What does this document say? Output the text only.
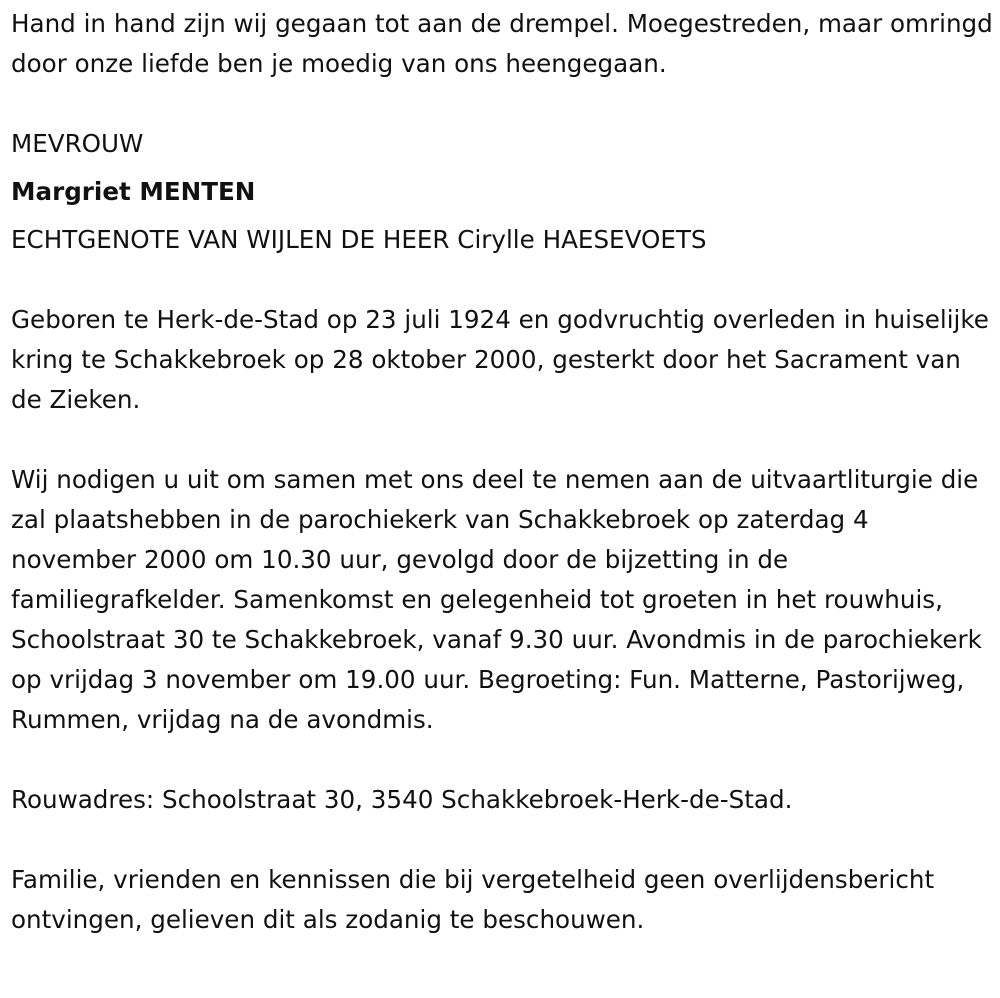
Hand in hand zijn wij gegaan tot aan de drempel. Moegestreden, maar omringd door onze liefde ben je moedig van ons heengegaan.

MEVROUW

Margriet MENTEN

ECHTGENOTE VAN WIJLEN DE HEER Cirylle HAESEVOETS

Geboren te Herk-de-Stad op 23 juli 1924 en godvruchtig overleden in huiselijke kring te Schakkebroek op 28 oktober 2000, gesterkt door het Sacrament van de Zieken.

Wij nodigen u uit om samen met ons deel te nemen aan de uitvaartliturgie die zal plaatshebben in de parochiekerk van Schakkebroek op zaterdag 4 november 2000 om 10.30 uur, gevolgd door de bijzetting in de familiegrafkelder. Samenkomst en gelegenheid tot groeten in het rouwhuis, Schoolstraat 30 te Schakkebroek, vanaf 9.30 uur. Avondmis in de parochiekerk op vrijdag 3 november om 19.00 uur. Begroeting: Fun. Matterne, Pastorijweg, Rummen, vrijdag na de avondmis.

Rouwadres: Schoolstraat 30, 3540 Schakkebroek-Herk-de-Stad.

Familie, vrienden en kennissen die bij vergetelheid geen overlijdensbericht ontvingen, gelieven dit als zodanig te beschouwen.
